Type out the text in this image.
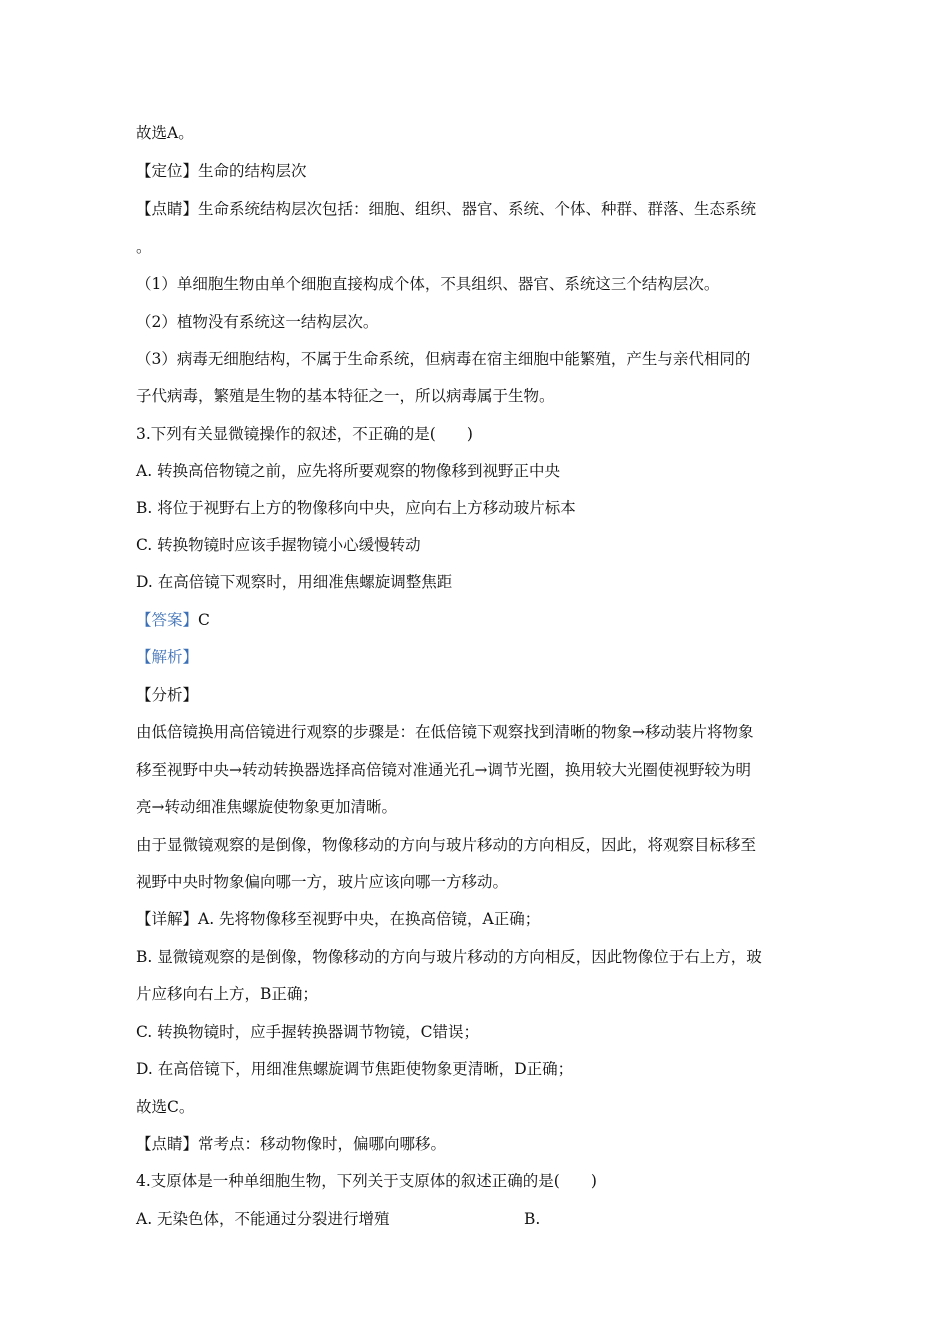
故选A。
【定位】生命的结构层次
【点睛】生命系统结构层次包括：细胞、组织、器官、系统、个体、种群、群落、生态系统
。
（1）单细胞生物由单个细胞直接构成个体，不具组织、器官、系统这三个结构层次。
（2）植物没有系统这一结构层次。
（3）病毒无细胞结构，不属于生命系统，但病毒在宿主细胞中能繁殖，产生与亲代相同的
子代病毒，繁殖是生物的基本特征之一，所以病毒属于生物。
3.下列有关显微镜操作的叙述，不正确的是(　　)
A. 转换高倍物镜之前，应先将所要观察的物像移到视野正中央
B. 将位于视野右上方的物像移向中央，应向右上方移动玻片标本
C. 转换物镜时应该手握物镜小心缓慢转动
D. 在高倍镜下观察时，用细准焦螺旋调整焦距
【答案】C
【解析】
【分析】
由低倍镜换用高倍镜进行观察的步骤是：在低倍镜下观察找到清晰的物象→移动装片将物象
移至视野中央→转动转换器选择高倍镜对准通光孔→调节光圈，换用较大光圈使视野较为明
亮→转动细准焦螺旋使物象更加清晰。
由于显微镜观察的是倒像，物像移动的方向与玻片移动的方向相反，因此，将观察目标移至
视野中央时物象偏向哪一方，玻片应该向哪一方移动。
【详解】A. 先将物像移至视野中央，在换高倍镜，A正确；
B. 显微镜观察的是倒像，物像移动的方向与玻片移动的方向相反，因此物像位于右上方，玻
片应移向右上方，B正确；
C. 转换物镜时，应手握转换器调节物镜，C错误；
D. 在高倍镜下，用细准焦螺旋调节焦距使物象更清晰，D正确；
故选C。
【点睛】常考点：移动物像时，偏哪向哪移。
4.支原体是一种单细胞生物，下列关于支原体的叙述正确的是(　　)
A. 无染色体，不能通过分裂进行增殖	B.
